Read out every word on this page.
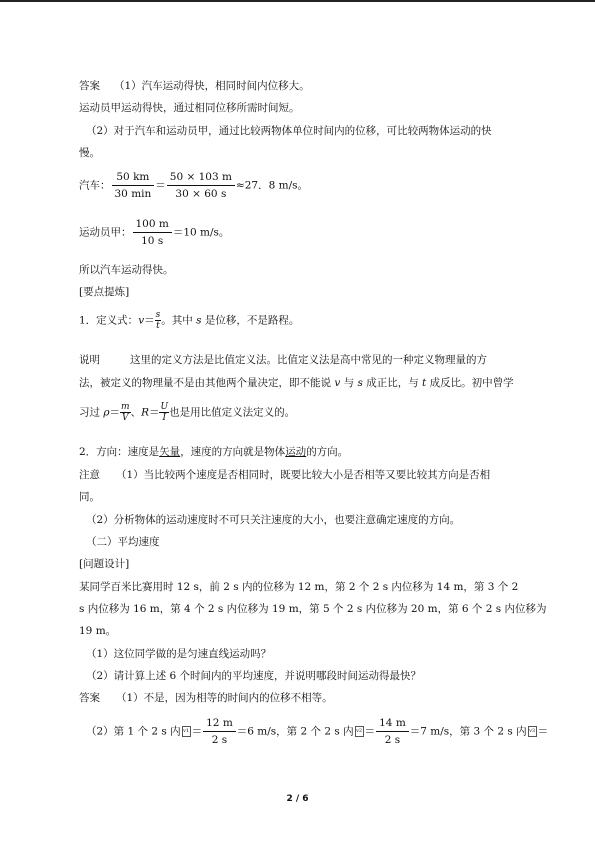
答案 （1）汽车运动得快，相同时间内位移大。
运动员甲运动得快，通过相同位移所需时间短。
（2）对于汽车和运动员甲，通过比较两物体单位时间内的位移，可比较两物体运动的快
慢。
汽车： $\frac{50 km}{30 \min} = \frac{50 \times 103 m}{30 \times 60 s} \approx 27$．8 m/s。
运动员甲： $\frac{100 m}{10 s} =10$ m/s。
所以汽车运动得快。
[要点提炼]
1．定义式：$v= \frac{s}{t}$ 。其中 s 是位移，不是路程。
说明	这里的定义方法是比值定义法。比值定义法是高中常见的一种定义物理量的方
法，被定义的物理量不是由其他两个量决定，即不能说 v 与 s 成正比，与 t 成反比。初中曾学
习过 $\rho= \frac{m}{V}$ 、$R= \frac{U}{I}$ 也是用比值定义法定义的。
2．方向：速度是矢量，速度的方向就是物体运动的方向。
注意 （1）当比较两个速度是否相同时，既要比较大小是否相等又要比较其方向是否相
同。
（2）分析物体的运动速度时不可只关注速度的大小，也要注意确定速度的方向。
（二）平均速度
[问题设计]
某同学百米比赛用时 12 s，前 2 s 内的位移为 12 m，第 2 个 2 s 内位移为 14 m，第 3 个 2
s 内位移为 16 m，第 4 个 2 s 内位移为 19 m，第 5 个 2 s 内位移为 20 m，第 6 个 2 s 内位移为
19 m。
（1）这位同学做的是匀速直线运动吗？
（2）请计算上述 6 个时间内的平均速度，并说明哪段时间运动得最快？
答案 （1）不是，因为相等的时间内的位移不相等。
（2）第 1 个 2 s 内 $v1 = \frac{12 m}{2 s} =6$ m/s，第 2 个 2 s 内 $v2 = \frac{14 m}{2 s} =7$ m/s，第 3 个 2 s 内 v3 ＝
2 / 6
